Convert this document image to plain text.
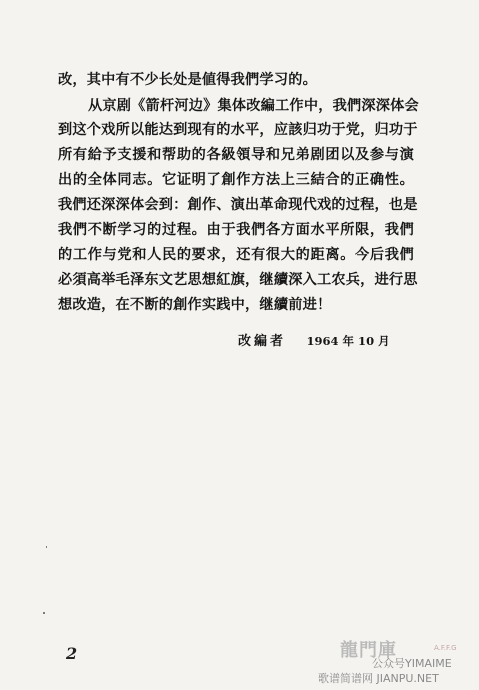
改，其中有不少长处是値得我們学习的。
从京剧《箭杆河边》集体改編工作中，我們深深体会
到这个戏所以能达到现有的水平，应該归功于党，归功于
所有給予支援和帮助的各級領导和兄弟剧团以及参与演
出的全体同志。它证明了創作方法上三結合的正确性。
我們还深深体会到：創作、演出革命现代戏的过程，也是
我們不断学习的过程。由于我們各方面水平所限，我們
的工作与党和人民的要求，还有很大的距离。今后我們
必須高举毛泽东文艺思想紅旗，继續深入工农兵，进行思
想改造，在不断的創作实践中，继續前进！
改編者 1964 年 10 月
2	龍門庫	A.F.F.G
公众号YIMAIME
歌谱简谱网 JIANPU.NET
